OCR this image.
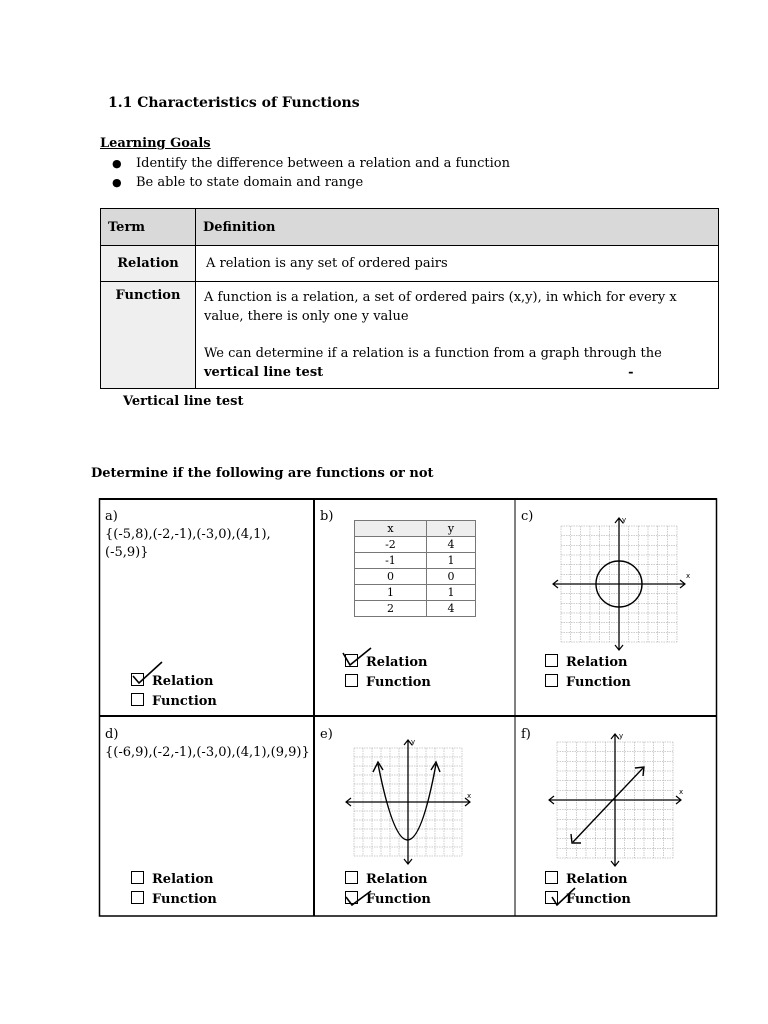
1.1 Characteristics of Functions
Learning Goals
● Identify the difference between a relation and a function
● Be able to state domain and range
Term	Definition
Relation	A relation is any set of ordered pairs
Function	A function is a relation, a set of ordered pairs (x,y), in which for every x value, there is only one y value
We can determine if a relation is a function from a graph through the vertical line test -
Vertical line test
Determine if the following are functions or not
a)
{(-5,8),(-2,-1),(-3,0),(4,1),(-5,9)}
Relation
Function
b)
x	y
-2	4
-1	1
0	0
1	1
2	4
Relation
Function
c)
x
y
Relation
Function
d)
{(-6,9),(-2,-1),(-3,0),(4,1),(9,9)}
Relation
Function
e)
x
y
Relation
Function
f)
x
y
Relation
Function
